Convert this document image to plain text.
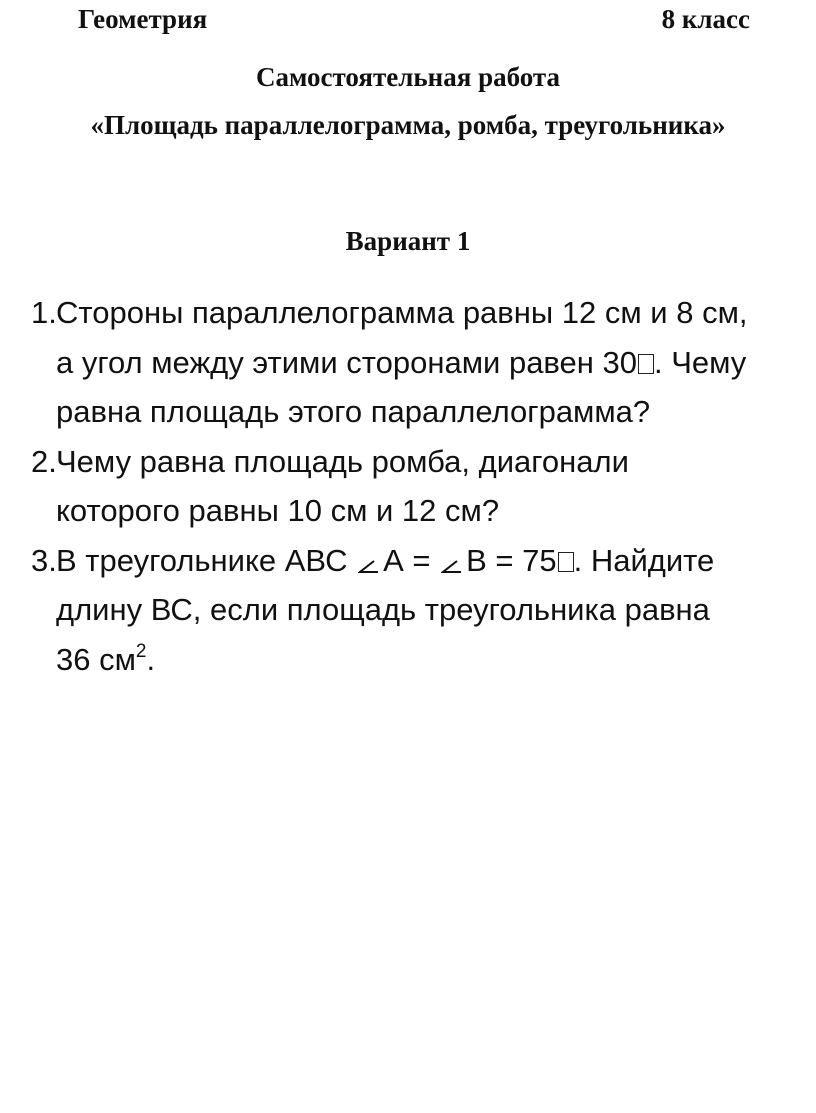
Геометрия	8 класс
Самостоятельная работа
«Площадь параллелограмма, ромба, треугольника»
Вариант 1
1. Стороны параллелограмма равны 12 см и 8 см,
а угол между этими сторонами равен 30 . Чему
равна площадь этого параллелограмма?
2. Чему равна площадь ромба, диагонали
которого равны 10 см и 12 см?
3. В треугольнике АВС
А =
В = 75 . Найдите
длину ВС, если площадь треугольника равна
36 $см^2$.
